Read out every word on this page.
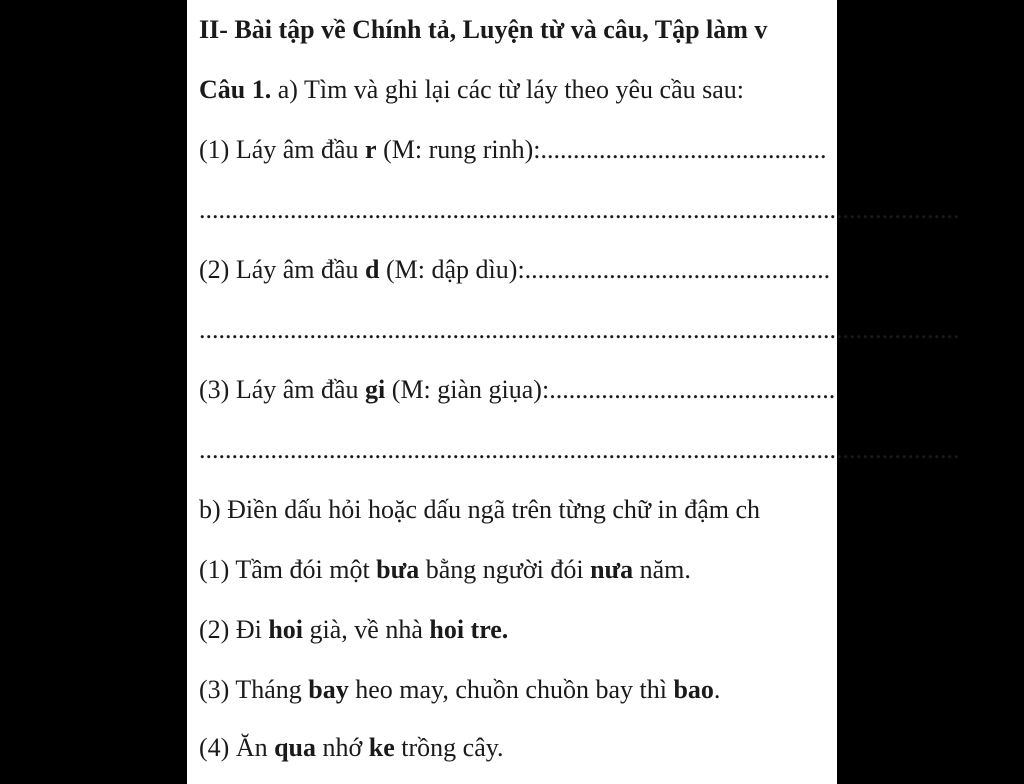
II- Bài tập về Chính tả, Luyện từ và câu, Tập làm v
Câu 1. a) Tìm và ghi lại các từ láy theo yêu cầu sau:
(1) Láy âm đầu r (M: rung rinh):............................................
.....................................................................................................................
(2) Láy âm đầu d (M: dập dìu):...............................................
.....................................................................................................................
(3) Láy âm đầu gi (M: giàn giụa):............................................
.....................................................................................................................
b) Điền dấu hỏi hoặc dấu ngã trên từng chữ in đậm ch
(1) Tầm đói một bưa bằng người đói nưa năm.
(2) Đi hoi già, về nhà hoi tre.
(3) Tháng bay heo may, chuồn chuồn bay thì bao.
(4) Ăn qua nhớ ke trồng cây.
